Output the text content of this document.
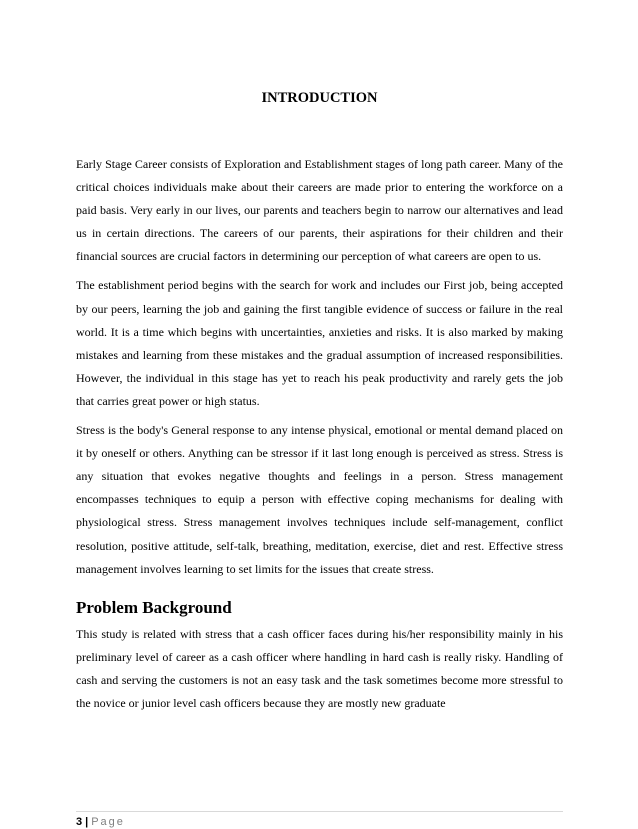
INTRODUCTION

Early Stage Career consists of Exploration and Establishment stages of long path career. Many of the critical choices individuals make about their careers are made prior to entering the workforce on a paid basis. Very early in our lives, our parents and teachers begin to narrow our alternatives and lead us in certain directions. The careers of our parents, their aspirations for their children and their financial sources are crucial factors in determining our perception of what careers are open to us.

The establishment period begins with the search for work and includes our First job, being accepted by our peers, learning the job and gaining the first tangible evidence of success or failure in the real world. It is a time which begins with uncertainties, anxieties and risks. It is also marked by making mistakes and learning from these mistakes and the gradual assumption of increased responsibilities. However, the individual in this stage has yet to reach his peak productivity and rarely gets the job that carries great power or high status.

Stress is the body's General response to any intense physical, emotional or mental demand placed on it by oneself or others. Anything can be stressor if it last long enough is perceived as stress. Stress is any situation that evokes negative thoughts and feelings in a person. Stress management encompasses techniques to equip a person with effective coping mechanisms for dealing with physiological stress. Stress management involves techniques include self-management, conflict resolution, positive attitude, self-talk, breathing, meditation, exercise, diet and rest. Effective stress management involves learning to set limits for the issues that create stress.

Problem Background

This study is related with stress that a cash officer faces during his/her responsibility mainly in his preliminary level of career as a cash officer where handling in hard cash is really risky. Handling of cash and serving the customers is not an easy task and the task sometimes become more stressful to the novice or junior level cash officers because they are mostly new graduate

3 | Page
